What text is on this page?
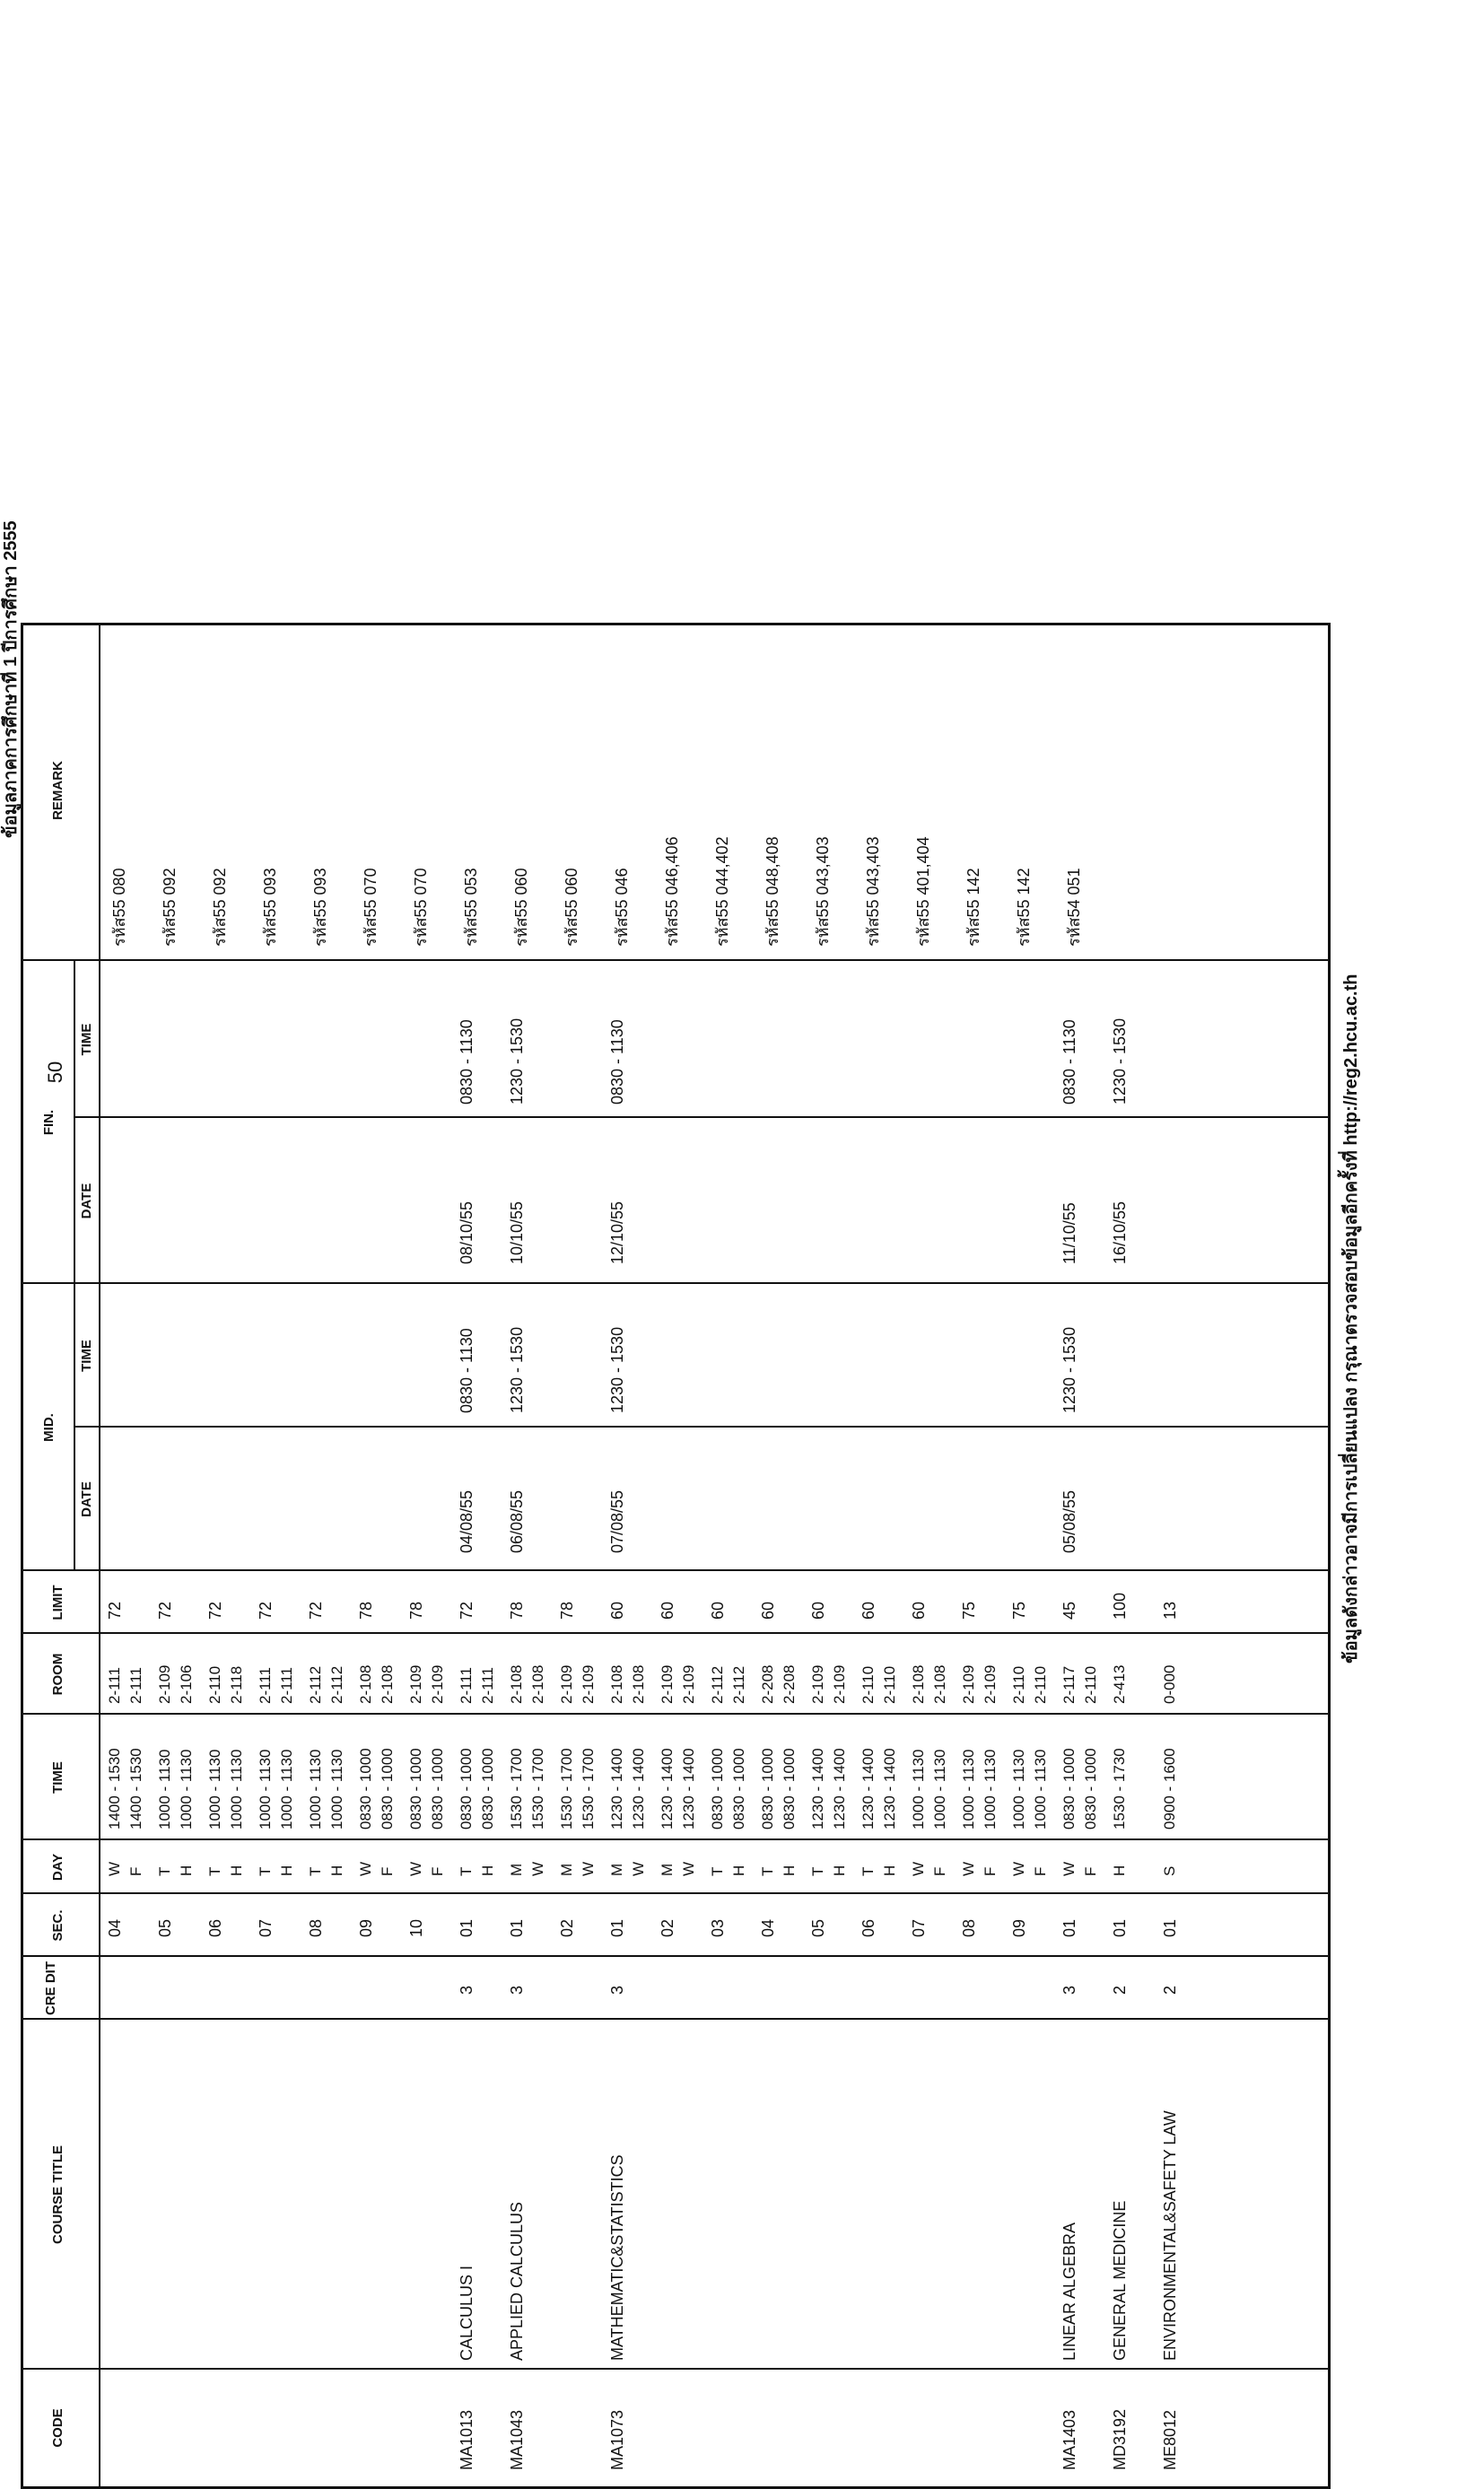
50
ข้อมูลภาคการศึกษาที่ 1 ปีการศึกษา 2555
CODE
COURSE TITLE
CRE DIT
SEC.
DAY
TIME
ROOM
LIMIT
MID.
DATE
TIME
FIN.
DATE
TIME
REMARK
04
W F
1400 - 1530 1400 - 1530
2-111 2-111
72
รหัส55 080
05
T H
1000 - 1130 1000 - 1130
2-109 2-106
72
รหัส55 092
06
T H
1000 - 1130 1000 - 1130
2-110 2-118
72
รหัส55 092
07
T H
1000 - 1130 1000 - 1130
2-111 2-111
72
รหัส55 093
08
T H
1000 - 1130 1000 - 1130
2-112 2-112
72
รหัส55 093
09
W F
0830 - 1000 0830 - 1000
2-108 2-108
78
รหัส55 070
10
W F
0830 - 1000 0830 - 1000
2-109 2-109
78
รหัส55 070
MA1013
CALCULUS I
3
01
T H
0830 - 1000 0830 - 1000
2-111 2-111
72
04/08/55
0830 - 1130
08/10/55
0830 - 1130
รหัส55 053
MA1043
APPLIED CALCULUS
3
01
M W
1530 - 1700 1530 - 1700
2-108 2-108
78
06/08/55
1230 - 1530
10/10/55
1230 - 1530
รหัส55 060
02
M W
1530 - 1700 1530 - 1700
2-109 2-109
78
รหัส55 060
MA1073
MATHEMATIC&STATISTICS
3
01
M W
1230 - 1400 1230 - 1400
2-108 2-108
60
07/08/55
1230 - 1530
12/10/55
0830 - 1130
รหัส55 046
02
M W
1230 - 1400 1230 - 1400
2-109 2-109
60
รหัส55 046,406
03
T H
0830 - 1000 0830 - 1000
2-112 2-112
60
รหัส55 044,402
04
T H
0830 - 1000 0830 - 1000
2-208 2-208
60
รหัส55 048,408
05
T H
1230 - 1400 1230 - 1400
2-109 2-109
60
รหัส55 043,403
06
T H
1230 - 1400 1230 - 1400
2-110 2-110
60
รหัส55 043,403
07
W F
1000 - 1130 1000 - 1130
2-108 2-108
60
รหัส55 401,404
08
W F
1000 - 1130 1000 - 1130
2-109 2-109
75
รหัส55 142
09
W F
1000 - 1130 1000 - 1130
2-110 2-110
75
รหัส55 142
MA1403
LINEAR ALGEBRA
3
01
W F
0830 - 1000 0830 - 1000
2-117 2-110
45
05/08/55
1230 - 1530
11/10/55
0830 - 1130
รหัส54 051
MD3192
GENERAL MEDICINE
2
01
H
1530 - 1730
2-413
100
16/10/55
1230 - 1530
ME8012
ENVIRONMENTAL&SAFETY LAW
2
01
S
0900 - 1600
0-000
13	ข้อมูลดังกล่าวอาจมีการเปลี่ยนแปลง กรุณาตรวจสอบข้อมูลอีกครั้งที่ http://reg2.hcu.ac.th
